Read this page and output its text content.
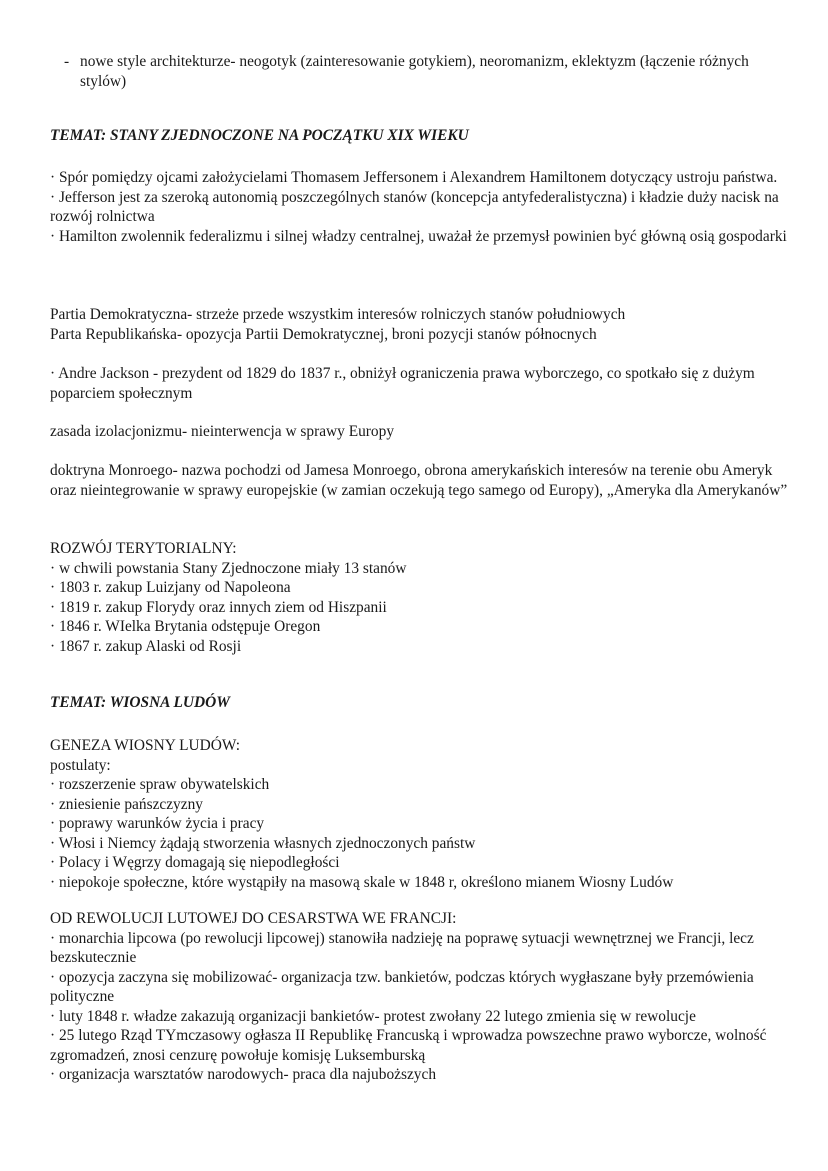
- nowe style architekturze- neogotyk (zainteresowanie gotykiem), neoromanizm, eklektyzm (łączenie różnych stylów)

TEMAT: STANY ZJEDNOCZONE NA POCZĄTKU XIX WIEKU

· Spór pomiędzy ojcami założycielami Thomasem Jeffersonem i Alexandrem Hamiltonem dotyczący ustroju państwa.

· Jefferson jest za szeroką autonomią poszczególnych stanów (koncepcja antyfederalistyczna) i kładzie duży nacisk na rozwój rolnictwa

· Hamilton zwolennik federalizmu i silnej władzy centralnej, uważał że przemysł powinien być główną osią gospodarki

Partia Demokratyczna- strzeże przede wszystkim interesów rolniczych stanów południowych

Parta Republikańska- opozycja Partii Demokratycznej, broni pozycji stanów północnych

· Andre Jackson - prezydent od 1829 do 1837 r., obniżył ograniczenia prawa wyborczego, co spotkało się z dużym poparciem społecznym

zasada izolacjonizmu- nieinterwencja w sprawy Europy

doktryna Monroego- nazwa pochodzi od Jamesa Monroego, obrona amerykańskich interesów na terenie obu Ameryk oraz nieintegrowanie w sprawy europejskie (w zamian oczekują tego samego od Europy), „Ameryka dla Amerykanów”

ROZWÓJ TERYTORIALNY:

· w chwili powstania Stany Zjednoczone miały 13 stanów

· 1803 r. zakup Luizjany od Napoleona

· 1819 r. zakup Florydy oraz innych ziem od Hiszpanii

· 1846 r. WIelka Brytania odstępuje Oregon

· 1867 r. zakup Alaski od Rosji

TEMAT: WIOSNA LUDÓW

GENEZA WIOSNY LUDÓW:

postulaty:

· rozszerzenie spraw obywatelskich

· zniesienie pańszczyzny

· poprawy warunków życia i pracy

· Włosi i Niemcy żądają stworzenia własnych zjednoczonych państw

· Polacy i Węgrzy domagają się niepodległości

· niepokoje społeczne, które wystąpiły na masową skale w 1848 r, określono mianem Wiosny Ludów

OD REWOLUCJI LUTOWEJ DO CESARSTWA WE FRANCJI:

· monarchia lipcowa (po rewolucji lipcowej) stanowiła nadzieję na poprawę sytuacji wewnętrznej we Francji, lecz bezskutecznie

· opozycja zaczyna się mobilizować- organizacja tzw. bankietów, podczas których wygłaszane były przemówienia polityczne

· luty 1848 r. władze zakazują organizacji bankietów- protest zwołany 22 lutego zmienia się w rewolucje

· 25 lutego Rząd TYmczasowy ogłasza II Republikę Francuską i wprowadza powszechne prawo wyborcze, wolność zgromadzeń, znosi cenzurę powołuje komisję Luksemburską

· organizacja warsztatów narodowych- praca dla najuboższych
